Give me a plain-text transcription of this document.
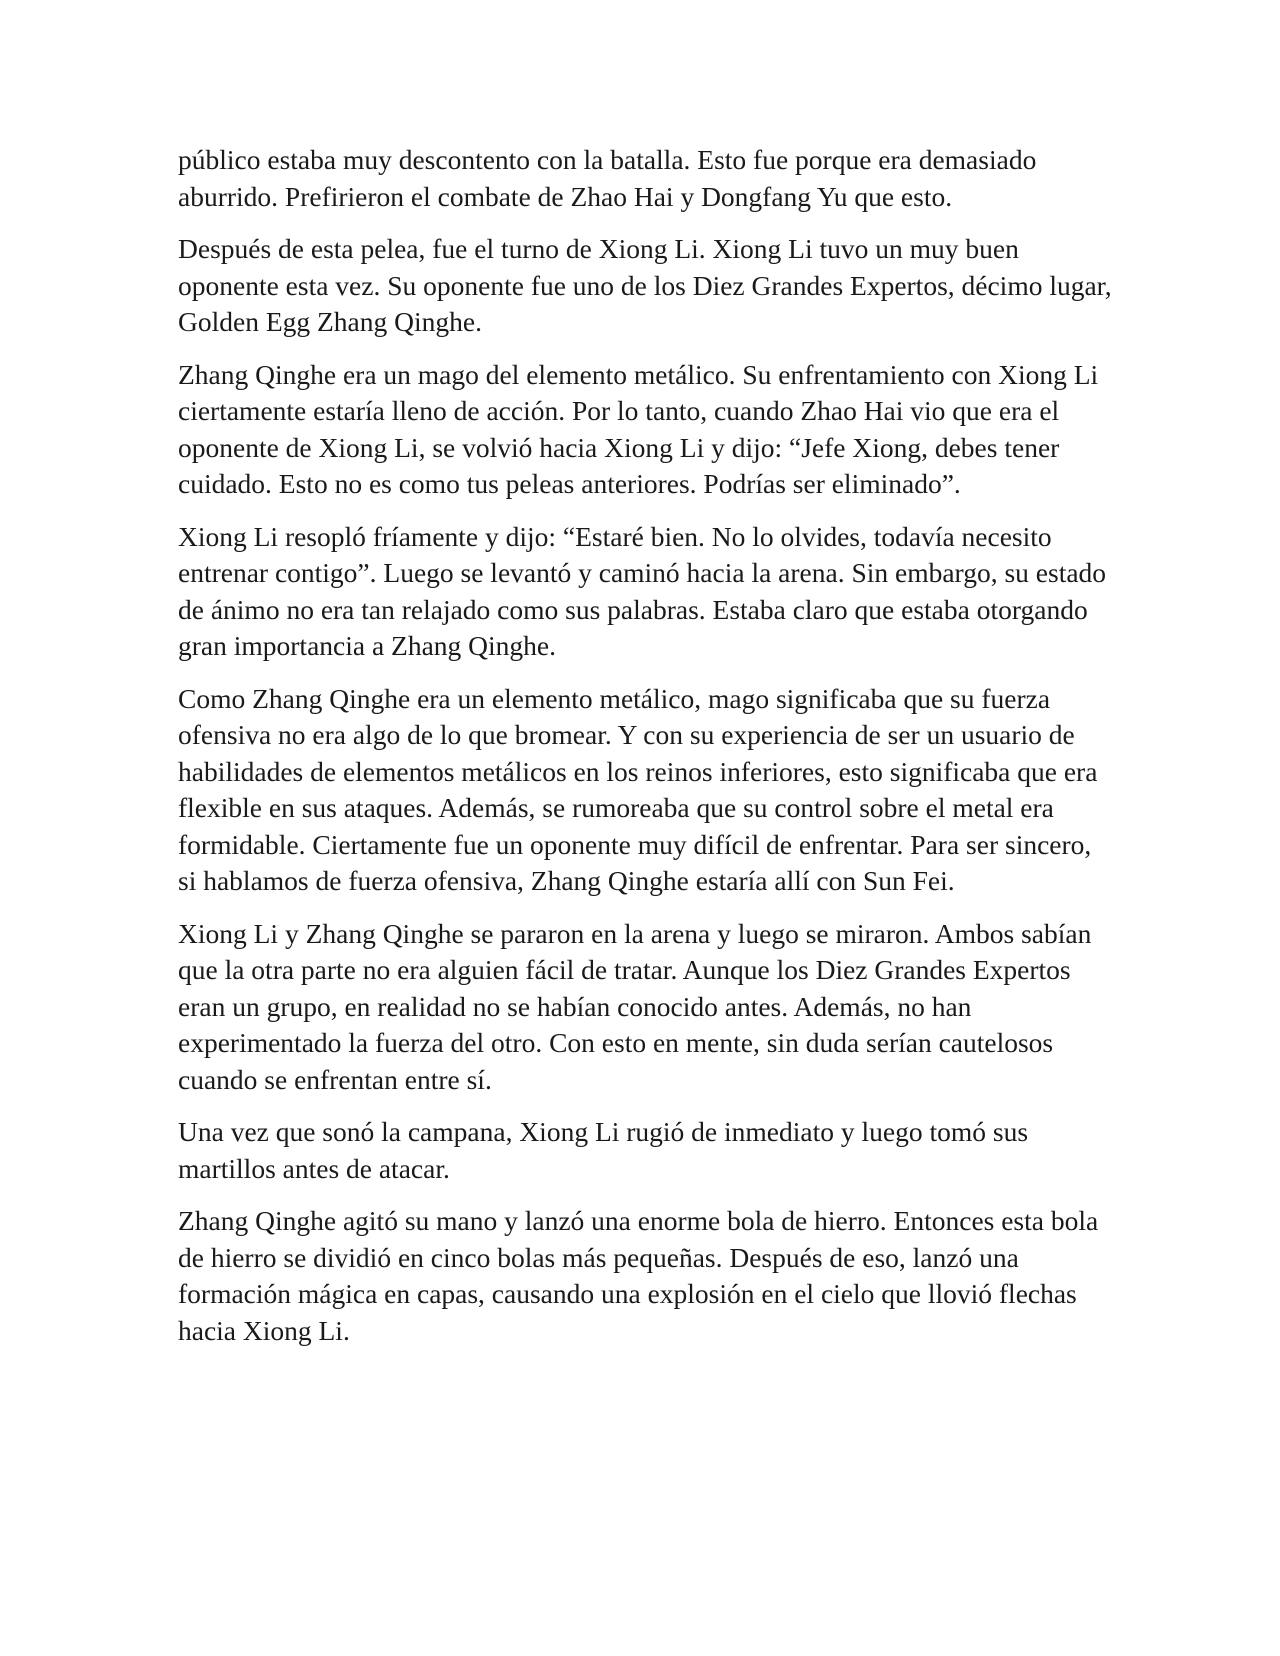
público estaba muy descontento con la batalla. Esto fue porque era demasiado aburrido. Prefirieron el combate de Zhao Hai y Dongfang Yu que esto.

Después de esta pelea, fue el turno de Xiong Li. Xiong Li tuvo un muy buen oponente esta vez. Su oponente fue uno de los Diez Grandes Expertos, décimo lugar, Golden Egg Zhang Qinghe.

Zhang Qinghe era un mago del elemento metálico. Su enfrentamiento con Xiong Li ciertamente estaría lleno de acción. Por lo tanto, cuando Zhao Hai vio que era el oponente de Xiong Li, se volvió hacia Xiong Li y dijo: “Jefe Xiong, debes tener cuidado. Esto no es como tus peleas anteriores. Podrías ser eliminado”.

Xiong Li resopló fríamente y dijo: “Estaré bien. No lo olvides, todavía necesito entrenar contigo”. Luego se levantó y caminó hacia la arena. Sin embargo, su estado de ánimo no era tan relajado como sus palabras. Estaba claro que estaba otorgando gran importancia a Zhang Qinghe.

Como Zhang Qinghe era un elemento metálico, mago significaba que su fuerza ofensiva no era algo de lo que bromear. Y con su experiencia de ser un usuario de habilidades de elementos metálicos en los reinos inferiores, esto significaba que era flexible en sus ataques. Además, se rumoreaba que su control sobre el metal era formidable. Ciertamente fue un oponente muy difícil de enfrentar. Para ser sincero, si hablamos de fuerza ofensiva, Zhang Qinghe estaría allí con Sun Fei.

Xiong Li y Zhang Qinghe se pararon en la arena y luego se miraron. Ambos sabían que la otra parte no era alguien fácil de tratar. Aunque los Diez Grandes Expertos eran un grupo, en realidad no se habían conocido antes. Además, no han experimentado la fuerza del otro. Con esto en mente, sin duda serían cautelosos cuando se enfrentan entre sí.

Una vez que sonó la campana, Xiong Li rugió de inmediato y luego tomó sus martillos antes de atacar.

Zhang Qinghe agitó su mano y lanzó una enorme bola de hierro. Entonces esta bola de hierro se dividió en cinco bolas más pequeñas. Después de eso, lanzó una formación mágica en capas, causando una explosión en el cielo que llovió flechas hacia Xiong Li.
